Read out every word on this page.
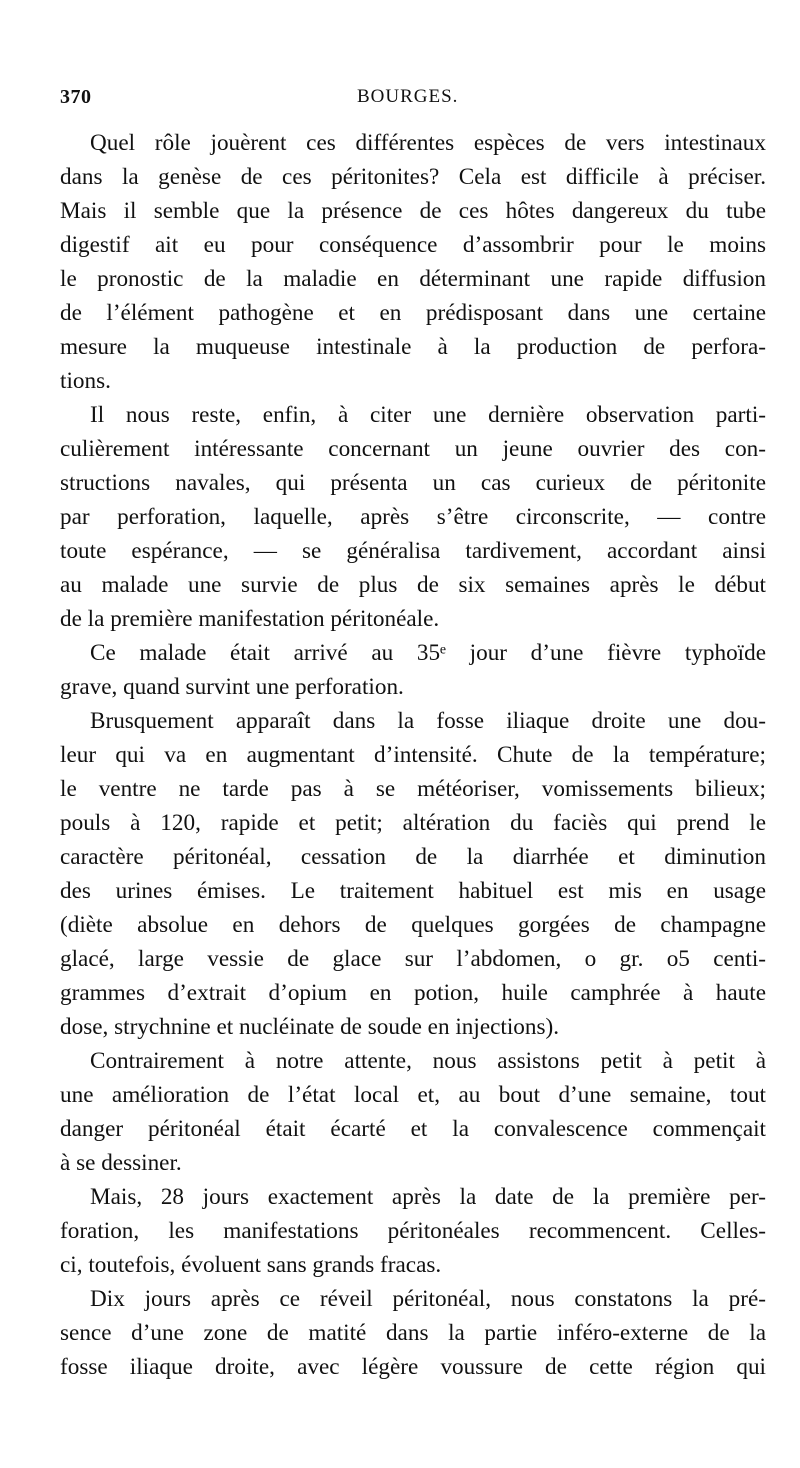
370	BOURGES.
Quel rôle jouèrent ces différentes espèces de vers intestinaux
dans la genèse de ces péritonites? Cela est difficile à préciser.
Mais il semble que la présence de ces hôtes dangereux du tube
digestif ait eu pour conséquence d’assombrir pour le moins
le pronostic de la maladie en déterminant une rapide diffusion
de l’élément pathogène et en prédisposant dans une certaine
mesure la muqueuse intestinale à la production de perfora-
tions.
Il nous reste, enfin, à citer une dernière observation parti-
culièrement intéressante concernant un jeune ouvrier des con-
structions navales, qui présenta un cas curieux de péritonite
par perforation, laquelle, après s’être circonscrite, — contre
toute espérance, — se généralisa tardivement, accordant ainsi
au malade une survie de plus de six semaines après le début
de la première manifestation péritonéale.
Ce malade était arrivé au 35ᵉ jour d’une fièvre typhoïde
grave, quand survint une perforation.
Brusquement apparaît dans la fosse iliaque droite une dou-
leur qui va en augmentant d’intensité. Chute de la température;
le ventre ne tarde pas à se météoriser, vomissements bilieux;
pouls à 120, rapide et petit; altération du faciès qui prend le
caractère péritonéal, cessation de la diarrhée et diminution
des urines émises. Le traitement habituel est mis en usage
(diète absolue en dehors de quelques gorgées de champagne
glacé, large vessie de glace sur l’abdomen, o gr. o5 centi-
grammes d’extrait d’opium en potion, huile camphrée à haute
dose, strychnine et nucléinate de soude en injections).
Contrairement à notre attente, nous assistons petit à petit à
une amélioration de l’état local et, au bout d’une semaine, tout
danger péritonéal était écarté et la convalescence commençait
à se dessiner.
Mais, 28 jours exactement après la date de la première per-
foration, les manifestations péritonéales recommencent. Celles-
ci, toutefois, évoluent sans grands fracas.
Dix jours après ce réveil péritonéal, nous constatons la pré-
sence d’une zone de matité dans la partie inféro-externe de la
fosse iliaque droite, avec légère voussure de cette région qui
